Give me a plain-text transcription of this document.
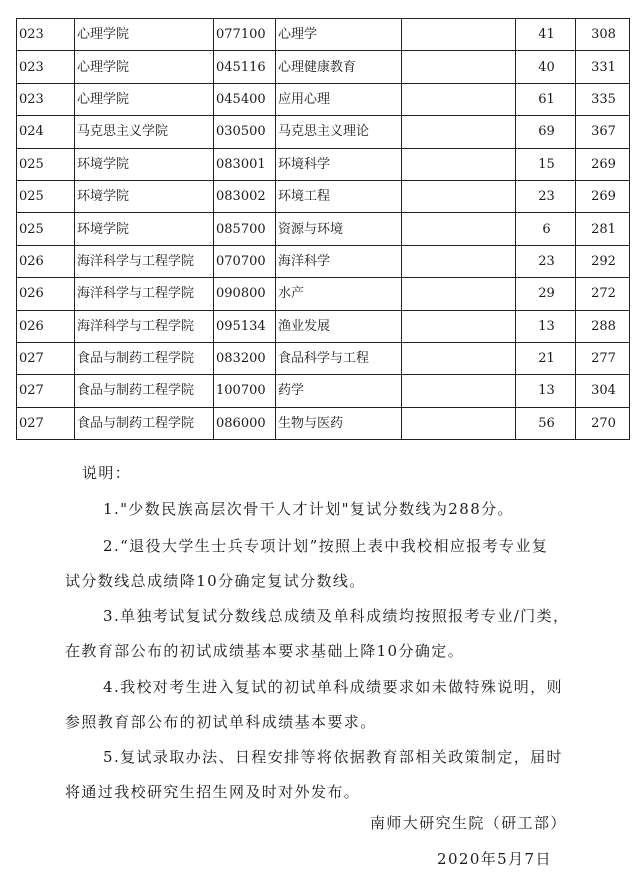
023	心理学院	077100	心理学		41	308
023	心理学院	045116	心理健康教育		40	331
023	心理学院	045400	应用心理		61	335
024	马克思主义学院	030500	马克思主义理论		69	367
025	环境学院	083001	环境科学		15	269
025	环境学院	083002	环境工程		23	269
025	环境学院	085700	资源与环境		6	281
026	海洋科学与工程学院	070700	海洋科学		23	292
026	海洋科学与工程学院	090800	水产		29	272
026	海洋科学与工程学院	095134	渔业发展		13	288
027	食品与制药工程学院	083200	食品科学与工程		21	277
027	食品与制药工程学院	100700	药学		13	304
027	食品与制药工程学院	086000	生物与医药		56	270
说明：
1."少数民族高层次骨干人才计划"复试分数线为288分。
2.“退役大学生士兵专项计划”按照上表中我校相应报考专业复
试分数线总成绩降10分确定复试分数线。
3.单独考试复试分数线总成绩及单科成绩均按照报考专业/门类，
在教育部公布的初试成绩基本要求基础上降10分确定。
4.我校对考生进入复试的初试单科成绩要求如未做特殊说明，则
参照教育部公布的初试单科成绩基本要求。
5.复试录取办法、日程安排等将依据教育部相关政策制定，届时
将通过我校研究生招生网及时对外发布。
南师大研究生院（研工部）
2020年5月7日
